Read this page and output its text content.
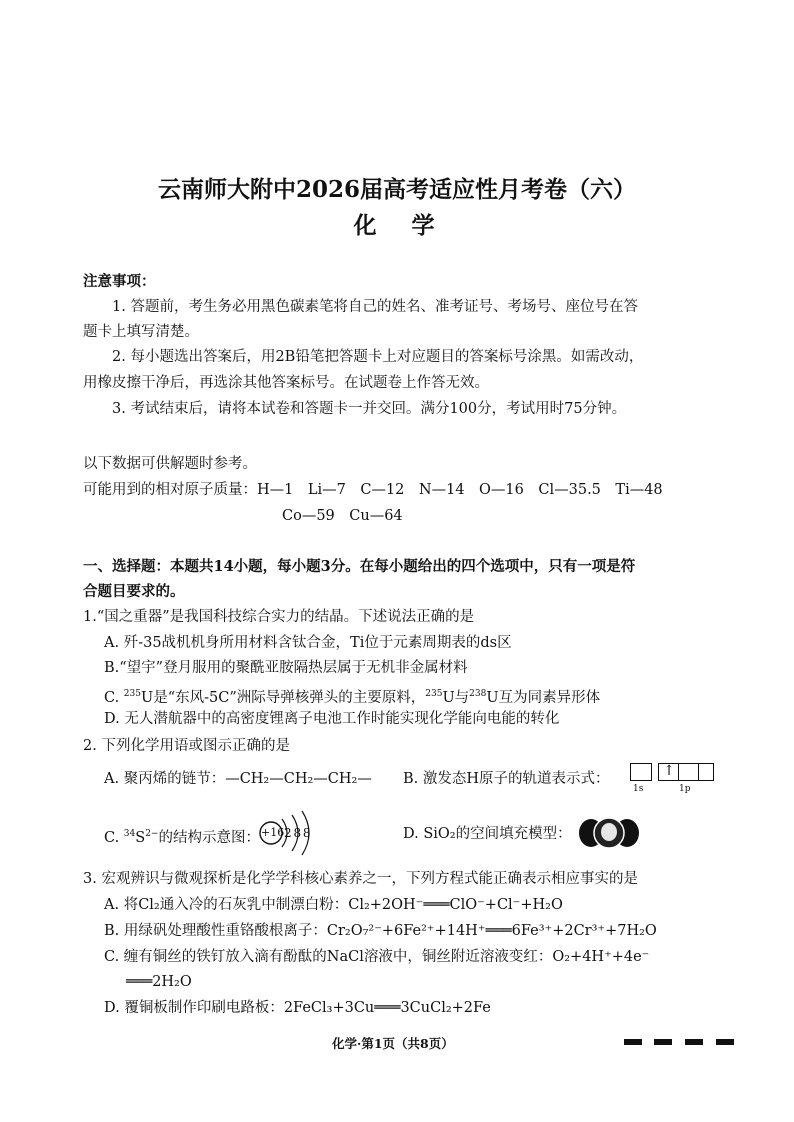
云南师大附中2026届高考适应性月考卷（六）
化　学
注意事项：
1. 答题前，考生务必用黑色碳素笔将自己的姓名、准考证号、考场号、座位号在答
题卡上填写清楚。
2. 每小题选出答案后，用2B铅笔把答题卡上对应题目的答案标号涂黑。如需改动，
用橡皮擦干净后，再选涂其他答案标号。在试题卷上作答无效。
3. 考试结束后，请将本试卷和答题卡一并交回。满分100分，考试用时75分钟。
以下数据可供解题时参考。
可能用到的相对原子质量：H—1　Li—7　C—12　N—14　O—16　Cl—35.5　Ti—48
Co—59　Cu—64
一、选择题：本题共14小题，每小题3分。在每小题给出的四个选项中，只有一项是符
合题目要求的。
1.“国之重器”是我国科技综合实力的结晶。下述说法正确的是
A. 歼-35战机机身所用材料含钛合金，Ti位于元素周期表的ds区
B.“望宇”登月服用的聚酰亚胺隔热层属于无机非金属材料
C. $^{235}$U是“东风-5C”洲际导弹核弹头的主要原料，$^{235}$U与$^{238}$U互为同素异形体
D. 无人潜航器中的高密度锂离子电池工作时能实现化学能向电能的转化
2. 下列化学用语或图示正确的是
A. 聚丙烯的链节：—CH₂—CH₂—CH₂— B. 激发态H原子的轨道表示式：	↑
1s	1p
C. $^{34}S^{2-}$的结构示意图： +16 2 8 8	D. SiO₂的空间填充模型：
3. 宏观辨识与微观探析是化学学科核心素养之一，下列方程式能正确表示相应事实的是
A. 将Cl₂通入冷的石灰乳中制漂白粉：Cl₂+2OH⁻═══ClO⁻+Cl⁻+H₂O
B. 用绿矾处理酸性重铬酸根离子：Cr₂O₇²⁻+6Fe²⁺+14H⁺═══6Fe³⁺+2Cr³⁺+7H₂O
C. 缠有铜丝的铁钉放入滴有酚酞的NaCl溶液中，铜丝附近溶液变红：O₂+4H⁺+4e⁻
═══2H₂O
D. 覆铜板制作印刷电路板：2FeCl₃+3Cu═══3CuCl₂+2Fe
化学·第1页（共8页）
